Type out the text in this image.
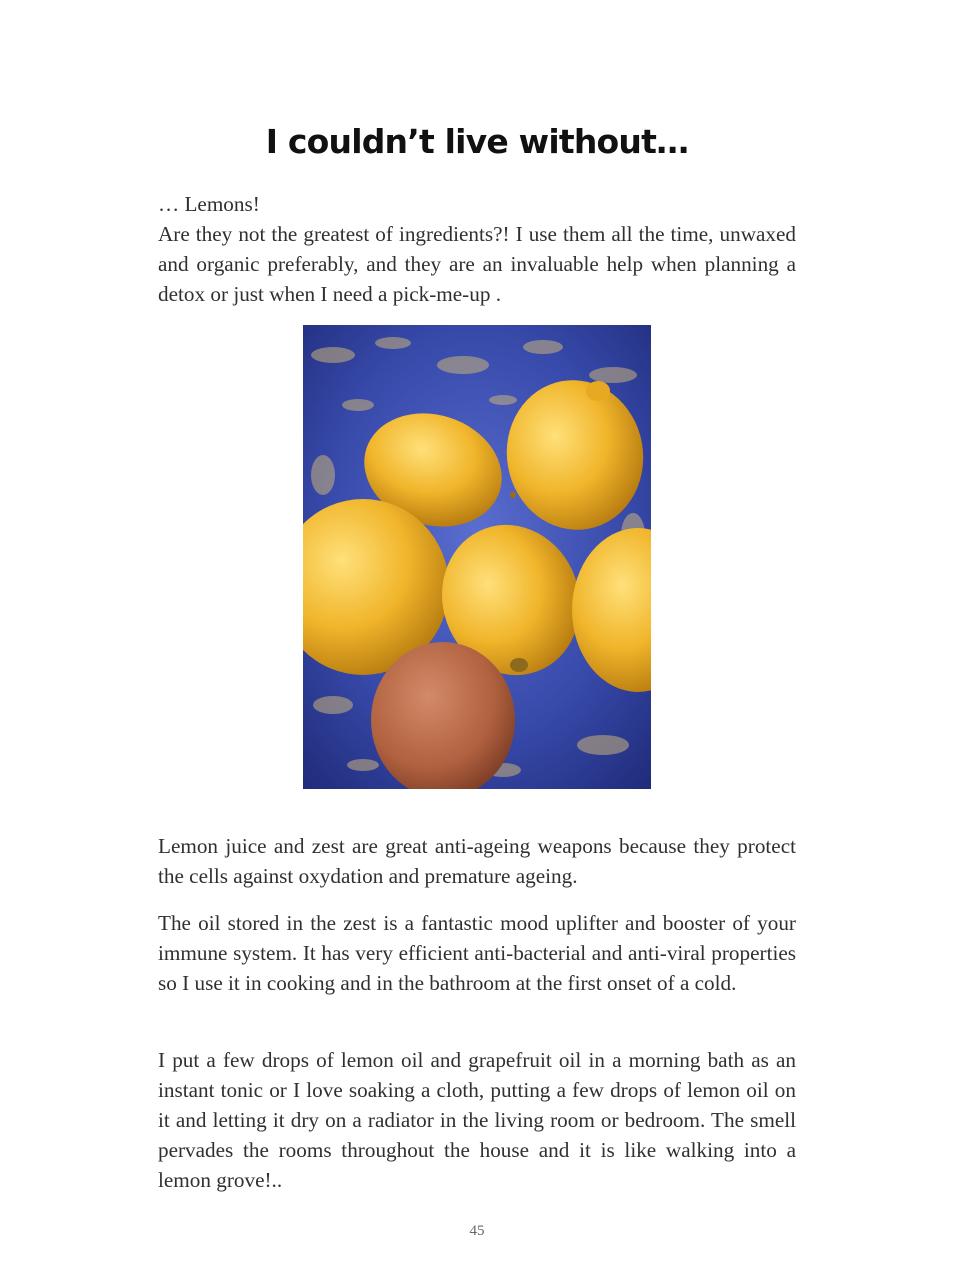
I couldn’t live without…

… Lemons!

Are they not the greatest of ingredients?! I use them all the time, unwaxed and organic preferably, and they are an invaluable help when planning a detox or just when I need a pick-me-up .

Lemon juice and zest are great anti-ageing weapons because they protect the cells against oxydation and premature ageing.

The oil stored in the zest is a fantastic mood uplifter and booster of your immune system. It has very efficient anti-bacterial and anti-viral properties so I use it in cooking and in the bathroom at the first onset of a cold.

I put a few drops of lemon oil and grapefruit oil in a morning bath as an instant tonic or I love soaking a cloth, putting a few drops of lemon oil on it and letting it dry on a radiator in the living room or bedroom. The smell pervades the rooms throughout the house and it is like walking into a lemon grove!..

45
